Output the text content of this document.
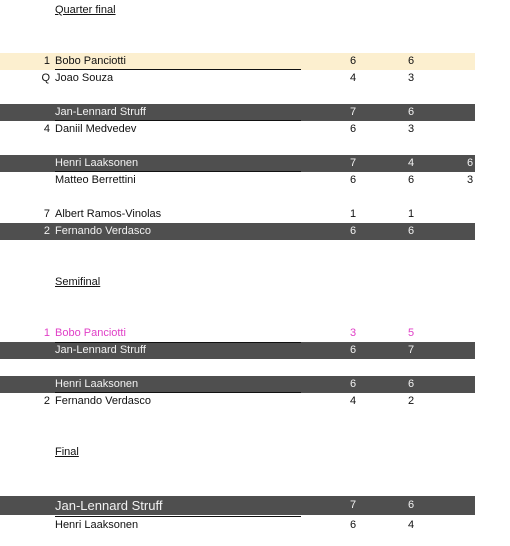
Quarter final
1 Bobo Panciotti	6	6
Q Joao Souza	4	3
Jan-Lennard Struff	7	6
4 Daniil Medvedev	6	3
Henri Laaksonen	7	4	6
Matteo Berrettini	6	6	3
7 Albert Ramos-Vinolas	1	1
2 Fernando Verdasco	6	6
Semifinal
1 Bobo Panciotti	3	5
Jan-Lennard Struff	6	7
Henri Laaksonen	6	6
2 Fernando Verdasco	4	2
Final
Jan-Lennard Struff	7	6
Henri Laaksonen	6	4
